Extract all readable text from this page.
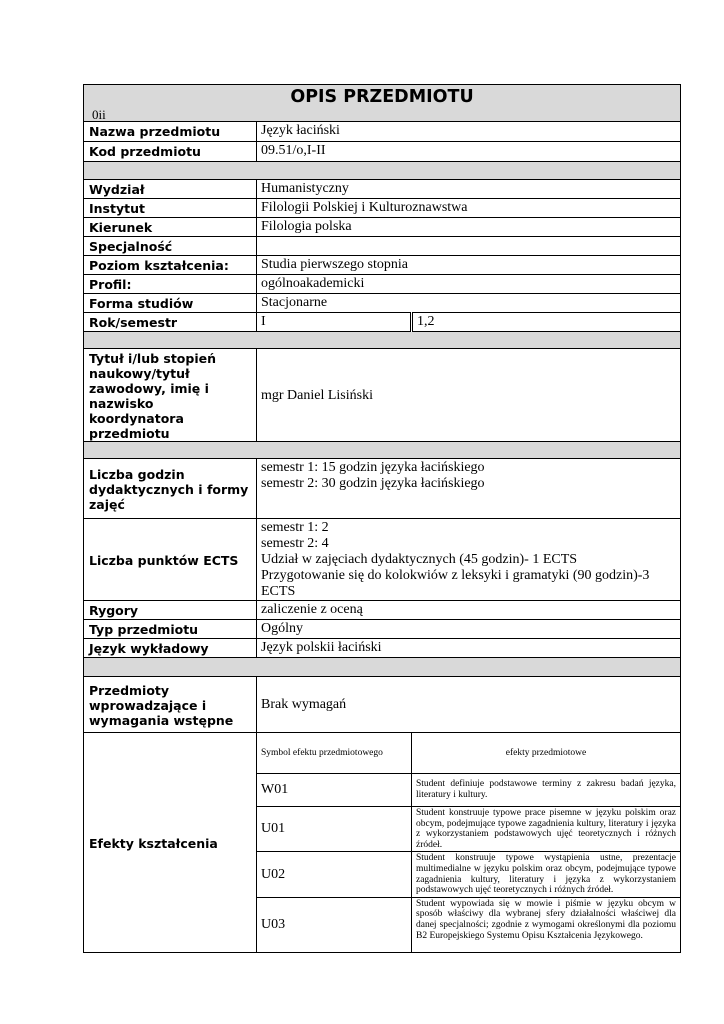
OPIS PRZEDMIOTU
0ii		

Nazwa przedmiotu	Język łaciński	
Kod przedmiotu	09.51/o,I-II	

Wydział	Humanistyczny	
Instytut	Filologii Polskiej i Kulturoznawstwa	
Kierunek	Filologia polska	
Specjalność		
Poziom kształcenia:	Studia pierwszego stopnia	
Profil:	ogólnoakademicki	
Forma studiów	Stacjonarne	
Rok/semestr	I	1,2

Tytuł i/lub stopień naukowy/tytuł zawodowy, imię i nazwisko koordynatora przedmiotu	mgr Daniel Lisiński	

Liczba godzin dydaktycznych i formy zajęć	semestr 1: 15 godzin języka łacińskiego
semestr 2: 30 godzin języka łacińskiego	

Liczba punktów ECTS	semestr 1: 2
semestr 2: 4
Udział w zajęciach dydaktycznych (45 godzin)- 1 ECTS
Przygotowanie się do kolokwiów z leksyki i gramatyki (90 godzin)-3 ECTS	

Rygory	zaliczenie z oceną	
Typ przedmiotu	Ogólny	
Język wykładowy	Język polskii łaciński	

Przedmioty wprowadzające i wymagania wstępne	Brak wymagań	
Efekty kształcenia	Symbol efektu przedmiotowego	efekty przedmiotowe
	W01	Student definiuje podstawowe terminy z zakresu badań języka, literatury i kultury.
	U01	Student konstruuje typowe prace pisemne w języku polskim oraz obcym, podejmujące typowe zagadnienia kultury, literatury i języka z wykorzystaniem podstawowych ujęć teoretycznych i różnych źródeł.
	U02	Student konstruuje typowe wystąpienia ustne, prezentacje multimedialne w języku polskim oraz obcym, podejmujące typowe zagadnienia kultury, literatury i języka z wykorzystaniem podstawowych ujęć teoretycznych i różnych źródeł.
	U03	Student wypowiada się w mowie i piśmie w języku obcym w sposób właściwy dla wybranej sfery działalności właściwej dla danej specjalności; zgodnie z wymogami określonymi dla poziomu B2 Europejskiego Systemu Opisu Kształcenia Językowego.
